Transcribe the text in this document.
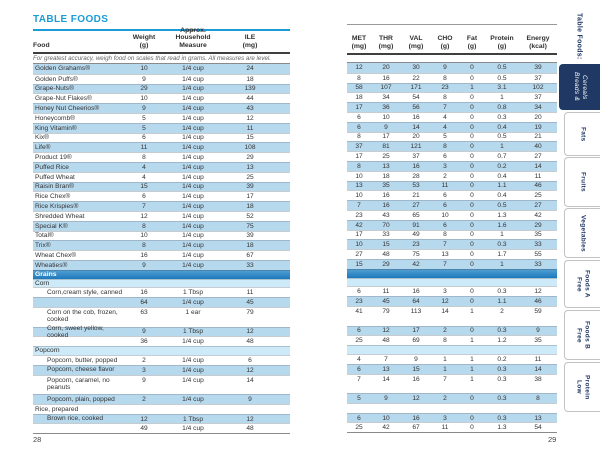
TABLE FOODS
Food
Weight
(g)
Approx. Household
Measure
ILE
(mg)
For greatest accuracy, weigh food on scales that read in grams. All measures are level.
Golden Grahams®	10	1/4 cup	24
Golden Puffs®	9	1/4 cup	18
Grape-Nuts®	29	1/4 cup	139
Grape-Nut Flakes®	10	1/4 cup	44
Honey Nut Cheerios®	9	1/4 cup	43
Honeycomb®	5	1/4 cup	12
King Vitamin®	5	1/4 cup	11
Kix®	6	1/4 cup	15
Life®	11	1/4 cup	108
Product 19®	8	1/4 cup	29
Puffed Rice	4	1/4 cup	13
Puffed Wheat	4	1/4 cup	25
Raisin Bran®	15	1/4 cup	39
Rice Chex®	6	1/4 cup	17
Rice Krispies®	7	1/4 cup	18
Shredded Wheat	12	1/4 cup	52
Special K®	8	1/4 cup	75
Total®	10	1/4 cup	39
Trix®	8	1/4 cup	18
Wheat Chex®	16	1/4 cup	67
Wheaties®	9	1/4 cup	33
Grains
Corn
Corn,cream style, canned	16	1 Tbsp	11
64	1/4 cup	45
Corn on the cob, frozen, cooked
63	1 ear	79
Corn, sweet yellow, cooked
9	1 Tbsp	12
36	1/4 cup	48
Popcorn
Popcorn, butter, popped	2	1/4 cup	6
Popcorn, cheese flavor	3	1/4 cup	12
Popcorn, caramel, no peanuts
9	1/4 cup	14
Popcorn, plain, popped	2	1/4 cup	9
Rice, prepared
Brown rice, cooked	12	1 Tbsp	12
49	1/4 cup	48
MET
(mg)
THR
(mg)
VAL
(mg)
CHO
(g)
Fat
(g)
Protein
(g)
Energy
(kcal)
12	20	30	9	0	0.5	39
8	16	22	8	0	0.5	37
58	107	171	23	1	3.1	102
18	34	54	8	0	1	37
17	36	56	7	0	0.8	34
6	10	16	4	0	0.3	20
6	9	14	4	0	0.4	19
8	17	20	5	0	0.5	21
37	81	121	8	0	1	40
17	25	37	6	0	0.7	27
8	13	16	3	0	0.2	14
10	18	28	2	0	0.4	11
13	35	53	11	0	1.1	46
10	16	21	6	0	0.4	25
7	16	27	6	0	0.5	27
23	43	65	10	0	1.3	42
42	70	91	6	0	1.6	29
17	33	49	8	0	1	35
10	15	23	7	0	0.3	33
27	48	75	13	0	1.7	55
15	29	42	7	0	1	33
6	11	16	3	0	0.3	12
23	45	64	12	0	1.1	46
41	79	113	14	1	2	59
6	12	17	2	0	0.3	9
25	48	69	8	1	1.2	35
4	7	9	1	1	0.2	11
6	13	15	1	1	0.3	14
7	14	16	7	1	0.3	38
5	9	12	2	0	0.3	8
6	10	16	3	0	0.3	13
25	42	67	11	0	1.3	54
28	29
Table Foods:
Breads & Cereals
Fats
Fruits
Vegetables
Free Foods A
Free Foods B
Low Protein
